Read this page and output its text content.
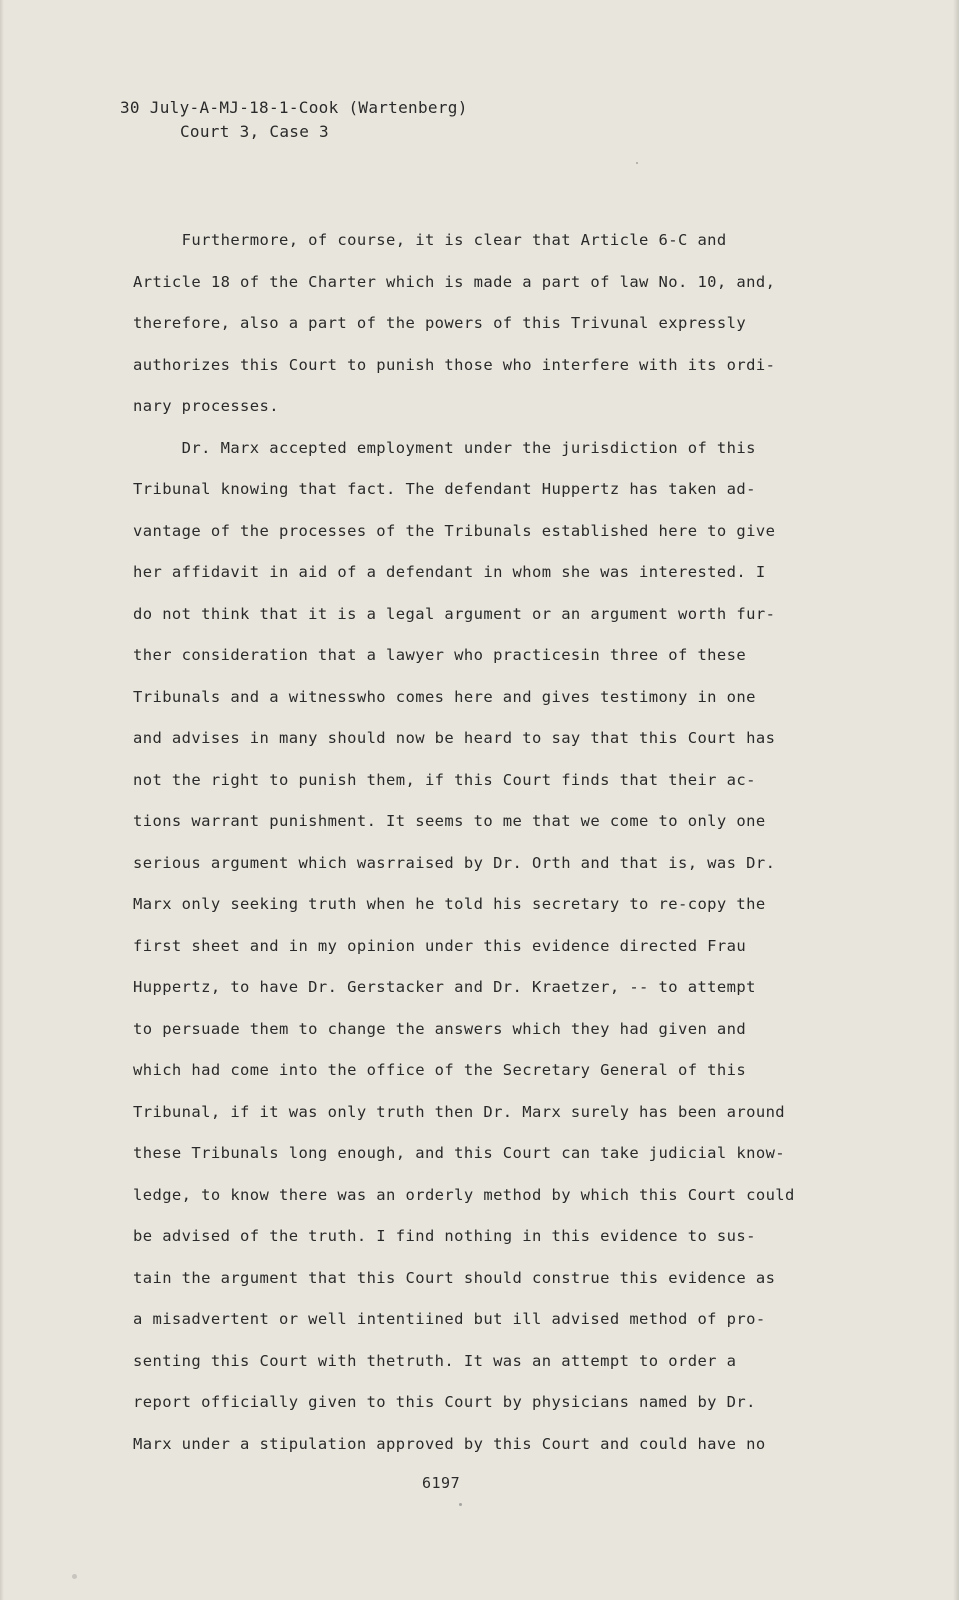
30 July-A-MJ-18-1-Cook (Wartenberg)
Court 3, Case 3
Furthermore, of course, it is clear that Article 6-C and
Article 18 of the Charter which is made a part of law No. 10, and,
therefore, also a part of the powers of this Trivunal expressly
authorizes this Court to punish those who interfere with its ordi-
nary processes.
Dr. Marx accepted employment under the jurisdiction of this
Tribunal knowing that fact. The defendant Huppertz has taken ad-
vantage of the processes of the Tribunals established here to give
her affidavit in aid of a defendant in whom she was interested. I
do not think that it is a legal argument or an argument worth fur-
ther consideration that a lawyer who practicesin three of these
Tribunals and a witnesswho comes here and gives testimony in one
and advises in many should now be heard to say that this Court has
not the right to punish them, if this Court finds that their ac-
tions warrant punishment. It seems to me that we come to only one
serious argument which wasrraised by Dr. Orth and that is, was Dr.
Marx only seeking truth when he told his secretary to re-copy the
first sheet and in my opinion under this evidence directed Frau
Huppertz, to have Dr. Gerstacker and Dr. Kraetzer, -- to attempt
to persuade them to change the answers which they had given and
which had come into the office of the Secretary General of this
Tribunal, if it was only truth then Dr. Marx surely has been around
these Tribunals long enough, and this Court can take judicial know-
ledge, to know there was an orderly method by which this Court could
be advised of the truth. I find nothing in this evidence to sus-
tain the argument that this Court should construe this evidence as
a misadvertent or well intentiined but ill advised method of pro-
senting this Court with thetruth. It was an attempt to order a
report officially given to this Court by physicians named by Dr.
Marx under a stipulation approved by this Court and could have no
6197
